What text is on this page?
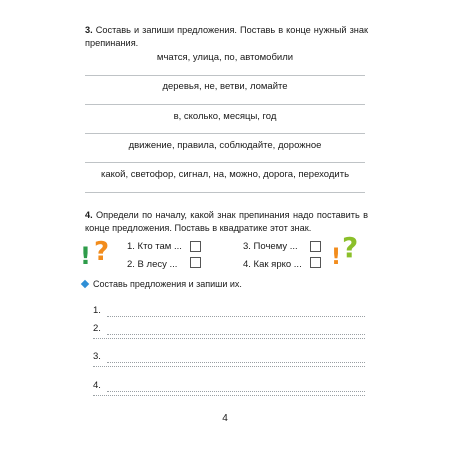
3. Составь и запиши предложения. Поставь в конце нужный знак препинания.
мчатся, улица, по, автомобили
деревья, не, ветви, ломайте
в, сколько, месяцы, год
движение, правила, соблюдайте, дорожное
какой, светофор, сигнал, на, можно, дорога, переходить
4. Определи по началу, какой знак препинания надо поставить в конце предложения. Поставь в квадратике этот знак.
! ? 1. Кто там ...
2. В лесу ...
3. Почему ...
4. Как ярко ... ! ?
Составь предложения и запиши их.
1.
2.
3.
4.
4
